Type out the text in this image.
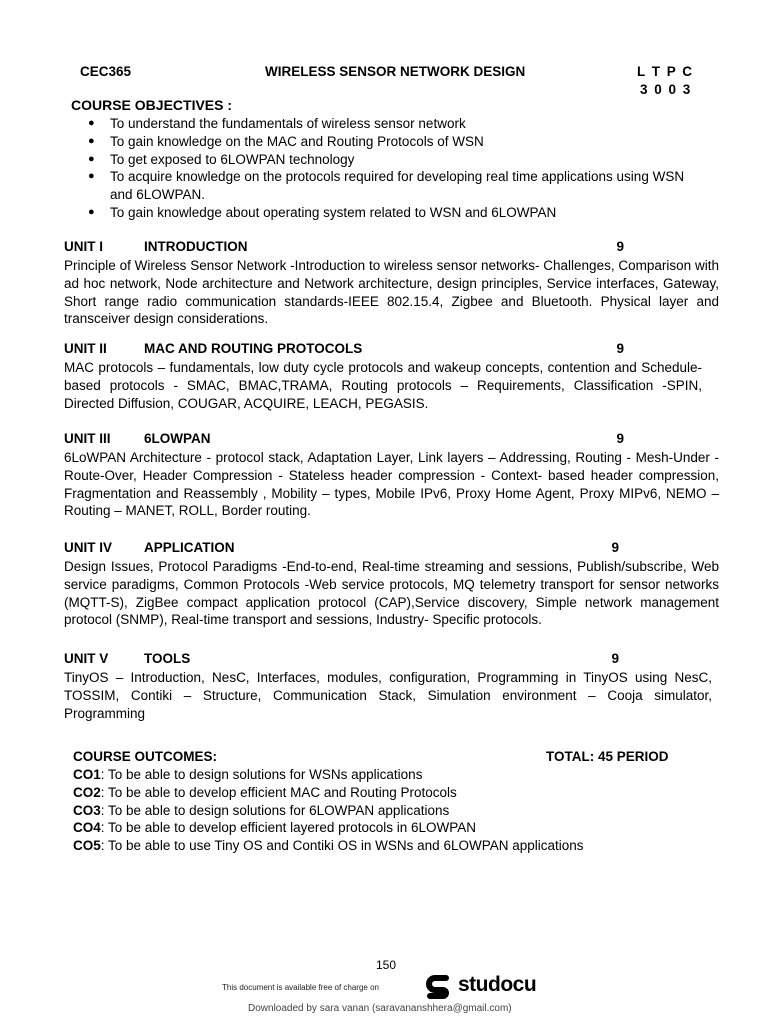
CEC365	WIRELESS SENSOR NETWORK DESIGN	L T P C
3 0 0 3
COURSE OBJECTIVES :
● To understand the fundamentals of wireless sensor network
● To gain knowledge on the MAC and Routing Protocols of WSN
● To get exposed to 6LOWPAN technology
● To acquire knowledge on the protocols required for developing real time applications using WSN and 6LOWPAN.
● To gain knowledge about operating system related to WSN and 6LOWPAN
UNIT I	INTRODUCTION	9
Principle of Wireless Sensor Network -Introduction to wireless sensor networks- Challenges, Comparison with ad hoc network, Node architecture and Network architecture, design principles, Service interfaces, Gateway, Short range radio communication standards-IEEE 802.15.4, Zigbee and Bluetooth. Physical layer and transceiver design considerations.
UNIT II	MAC AND ROUTING PROTOCOLS	9
MAC protocols – fundamentals, low duty cycle protocols and wakeup concepts, contention and Schedule-based protocols - SMAC, BMAC,TRAMA, Routing protocols – Requirements, Classification -SPIN, Directed Diffusion, COUGAR, ACQUIRE, LEACH, PEGASIS.
UNIT III 6LOWPAN	9
6LoWPAN Architecture - protocol stack, Adaptation Layer, Link layers – Addressing, Routing - Mesh-Under - Route-Over, Header Compression - Stateless header compression - Context- based header compression, Fragmentation and Reassembly , Mobility – types, Mobile IPv6, Proxy Home Agent, Proxy MIPv6, NEMO –Routing – MANET, ROLL, Border routing.
UNIT IV APPLICATION	9
Design Issues, Protocol Paradigms -End-to-end, Real-time streaming and sessions, Publish/subscribe, Web service paradigms, Common Protocols -Web service protocols, MQ telemetry transport for sensor networks (MQTT-S), ZigBee compact application protocol (CAP),Service discovery, Simple network management protocol (SNMP), Real-time transport and sessions, Industry- Specific protocols.
UNIT V	TOOLS	9
TinyOS – Introduction, NesC, Interfaces, modules, configuration, Programming in TinyOS using NesC, TOSSIM, Contiki – Structure, Communication Stack, Simulation environment – Cooja simulator, Programming
COURSE OUTCOMES:	TOTAL: 45 PERIOD
CO1: To be able to design solutions for WSNs applications
CO2: To be able to develop efficient MAC and Routing Protocols
CO3: To be able to design solutions for 6LOWPAN applications
CO4: To be able to develop efficient layered protocols in 6LOWPAN
CO5: To be able to use Tiny OS and Contiki OS in WSNs and 6LOWPAN applications
150
This document is available free of charge on	studocu
Downloaded by sara vanan (saravananshhera@gmail.com)
